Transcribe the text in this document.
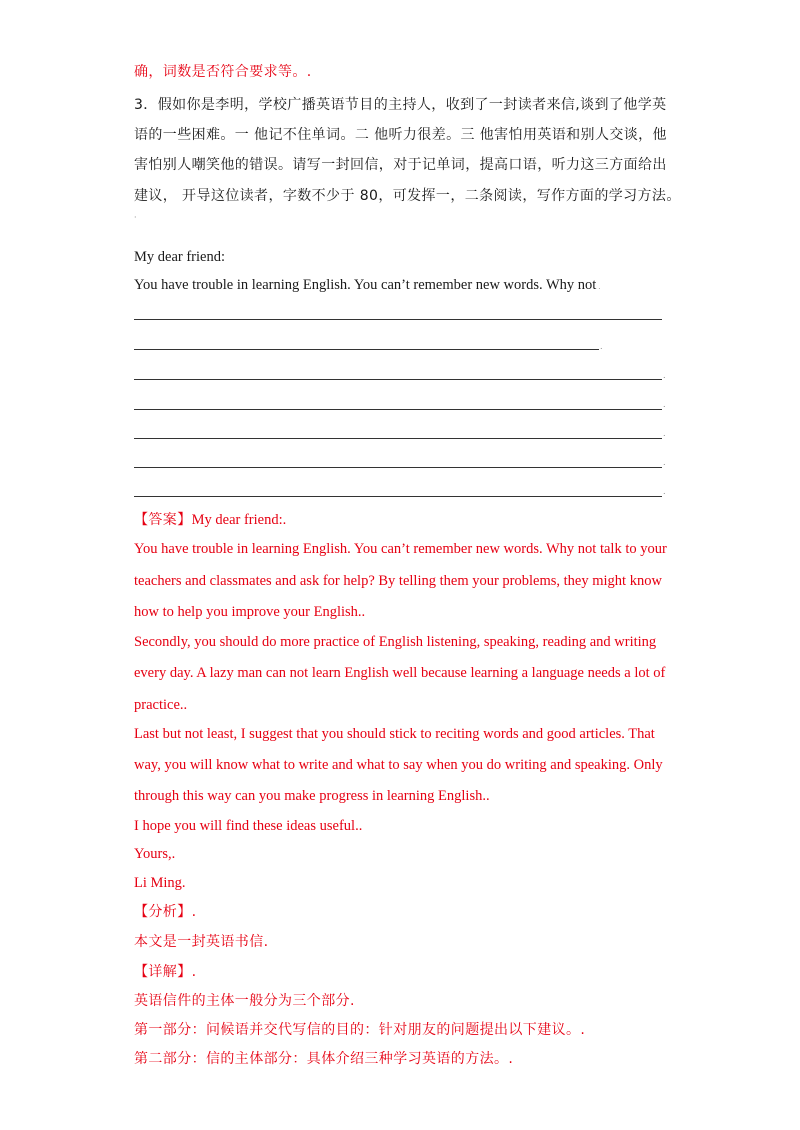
确，词数是否符合要求等。.
3．假如你是李明，学校广播英语节目的主持人，收到了一封读者来信,谈到了他学英
语的一些困难。一 他记不住单词。二 他听力很差。三 他害怕用英语和别人交谈，他
害怕别人嘲笑他的错误。请写一封回信，对于记单词，提高口语，听力这三方面给出
建议， 开导这位读者，字数不少于 80，可发挥一，二条阅读，写作方面的学习方法。
·
My dear friend:
You have trouble in learning English. You can’t remember new words. Why not .
.
.
.
.
.
.
【答案】My dear friend:.
You have trouble in learning English. You can’t remember new words. Why not talk to your
teachers and classmates and ask for help? By telling them your problems, they might know
how to help you improve your English..
Secondly, you should do more practice of English listening, speaking, reading and writing
every day. A lazy man can not learn English well because learning a language needs a lot of
practice..
Last but not least, I suggest that you should stick to reciting words and good articles. That
way, you will know what to write and what to say when you do writing and speaking. Only
through this way can you make progress in learning English..
I hope you will find these ideas useful..
Yours,.
Li Ming.
【分析】.
本文是一封英语书信.
【详解】.
英语信件的主体一般分为三个部分.
第一部分：问候语并交代写信的目的：针对朋友的问题提出以下建议。.
第二部分：信的主体部分：具体介绍三种学习英语的方法。.
